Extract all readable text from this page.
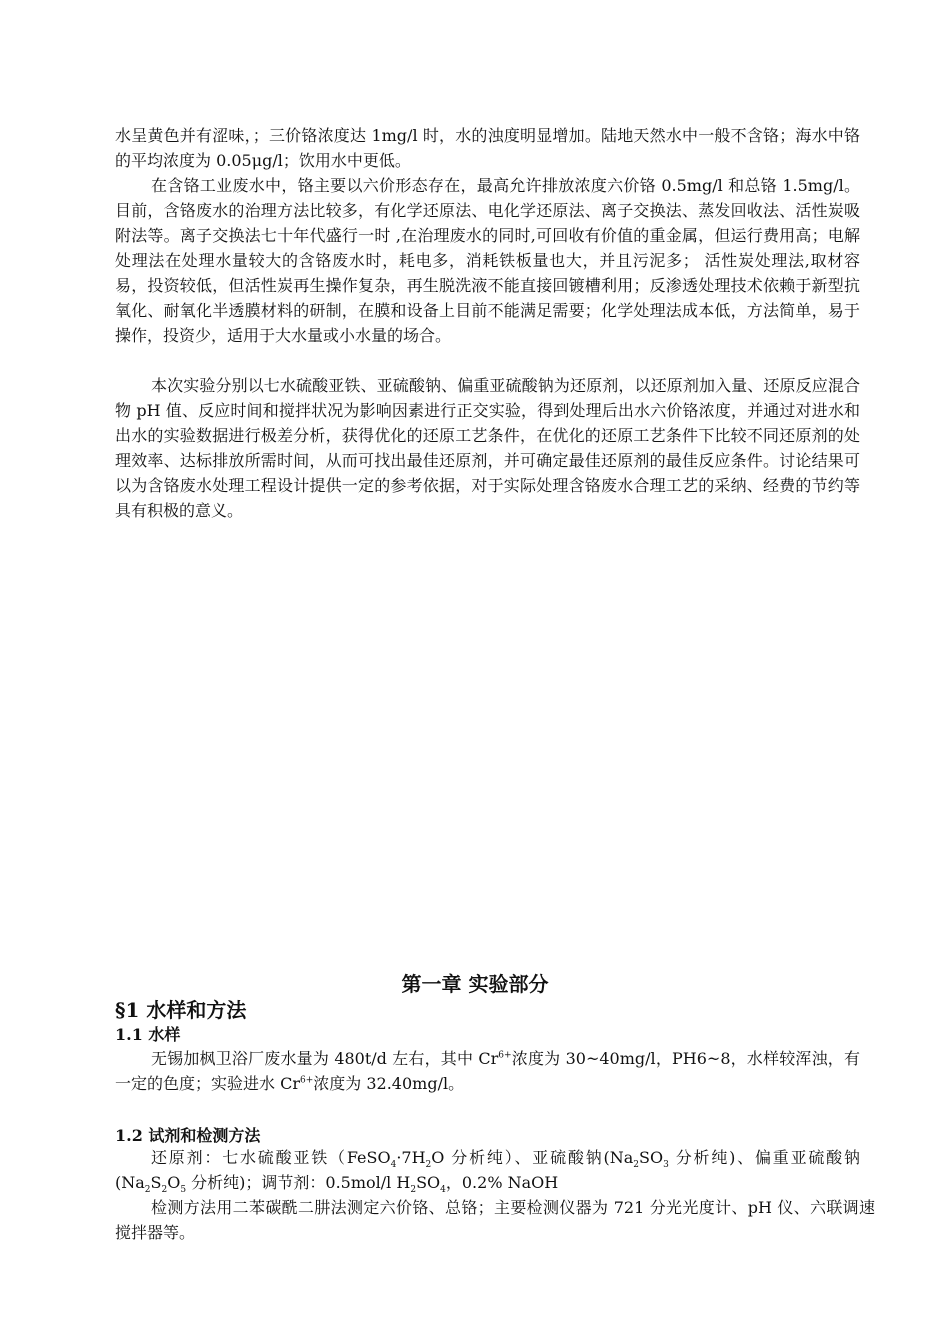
水呈黄色并有涩味，；三价铬浓度达 1mg/l 时，水的浊度明显增加。陆地天然水中一般不含铬；海水中铬的平均浓度为 0.05μg/l；饮用水中更低。

在含铬工业废水中，铬主要以六价形态存在，最高允许排放浓度六价铬 0.5mg/l 和总铬 1.5mg/l。目前，含铬废水的治理方法比较多，有化学还原法、电化学还原法、离子交换法、蒸发回收法、活性炭吸附法等。离子交换法七十年代盛行一时 ,在治理废水的同时,可回收有价值的重金属，但运行费用高；电解处理法在处理水量较大的含铬废水时，耗电多，消耗铁板量也大，并且污泥多； 活性炭处理法,取材容易，投资较低，但活性炭再生操作复杂，再生脱洗液不能直接回镀槽利用；反渗透处理技术依赖于新型抗氧化、耐氧化半透膜材料的研制，在膜和设备上目前不能满足需要；化学处理法成本低，方法简单，易于操作，投资少，适用于大水量或小水量的场合。

本次实验分别以七水硫酸亚铁、亚硫酸钠、偏重亚硫酸钠为还原剂，以还原剂加入量、还原反应混合物 pH 值、反应时间和搅拌状况为影响因素进行正交实验，得到处理后出水六价铬浓度，并通过对进水和出水的实验数据进行极差分析，获得优化的还原工艺条件，在优化的还原工艺条件下比较不同还原剂的处理效率、达标排放所需时间，从而可找出最佳还原剂，并可确定最佳还原剂的最佳反应条件。讨论结果可以为含铬废水处理工程设计提供一定的参考依据，对于实际处理含铬废水合理工艺的采纳、经费的节约等具有积极的意义。

第一章 实验部分
§1 水样和方法
1.1 水样

无锡加枫卫浴厂废水量为 480t/d 左右，其中 $Cr^{6+}$浓度为 30~40mg/l，PH6~8，水样较浑浊，有一定的色度；实验进水 $Cr^{6+}$浓度为 32.40mg/l。

1.2 试剂和检测方法

还原剂：七水硫酸亚铁（$FeSO_4\cdot 7H_2O$ 分析纯）、亚硫酸钠($Na_2SO_3$ 分析纯)、偏重亚硫酸钠($Na_2S_2O_5$ 分析纯)；调节剂：0.5mol/l $H_2SO_4$，0.2% NaOH

检测方法用二苯碳酰二肼法测定六价铬、总铬；主要检测仪器为 721 分光光度计、pH 仪、六联调速搅拌器等。
